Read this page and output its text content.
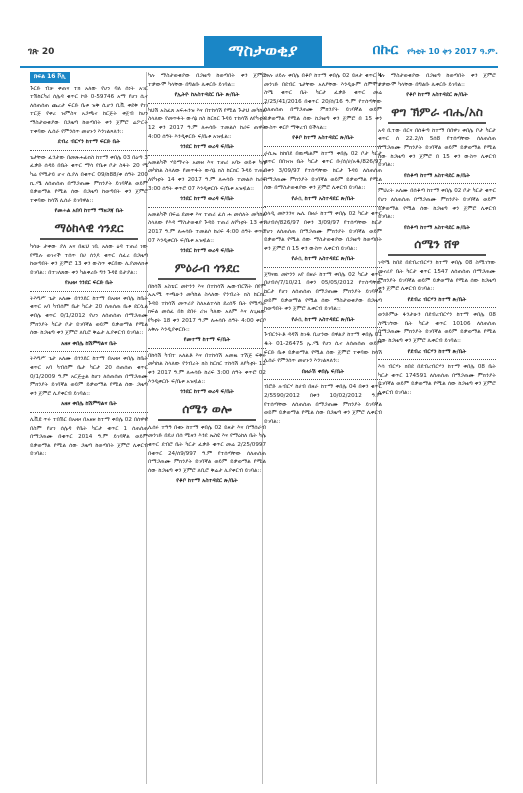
ገጽ 20	ማስታወቂያ	በኩር የካቲት 10 ቀን 2017 ዓ.ም.
ክፍል 16 ቮሊ

ጉርድ ብቻ ቀጠና ተክ አለው የሆነ ባለ ሰነት አገር ተሽከርካሪ ሰሌዳ ቁጥር ኮድ 0-59746 አማ የሆነ ሲኖ ለሰጠሰጠ ጨረታ ፍርድ ቤቱ ዝቅ ሲሆን ቢቪ ቀደቅ የነገ ተርጅ የቀረ ዝምስና አጋጫኖ ከርጅት ቀጀብ ከሆነ ማስታወቂያው በጋዜጣ ከወጣበት ቀን ጀምሮ ሬፖርት ተቀባው ሊሰራ የምንሰጥ መሆኑን እንገልጻለን::

ደብረ ብርሃን ከተማ ፍርድ ቤት

ጌታቸው ፈንታው በመጽሐፊክስ ከተማ ቀበሌ 03 በዕጣ 3 ፈቃድ ሰዳይ በቤት ቁጥር ማሳ የቤቱ ቦታ ስፋት 20 ሜ ካሬ የሚታይ ሆኖ ሲያለ በቁጥር 09/ከ88/ቀ ሰዓት 200 ኪ.ሜ ለሰጠሰጠ በማጋጠሙ ምክንያት ይገባኛል ወይም ይቃወማል የሚል ሰው በጋዜጣ ከወጣበት ቀን ጀምሮ ተቀባው ከሳሽ ሊሰራ ይገባዋል::

የመሐል አበባ ከተማ ማዘጋጃ ቤት
ማዕከላዊ ጎንደር

ካሳሁ ታቀው ያለ አና በዚህ ገቢ አለው ዕዳ ተጠሪ ነው የሚሉ ወገኖች ተሰጥ በሀ ሰንዶ ቁጥር ሰፈረ በጋዜጣ ከወጣበት ቀን ጀምሮ 13 ቀን ውስጥ ቀርበው ሊያመለክቱ ይገባል:: በተገለጸው ቀን ካልቀረቡ ግን ጉዳዩ ይታያል::

የአዘዞ ጎንደር ፍርድ ቤት

ትእግሥ ጌታ አለሙ በጎንደር ከተማ በአዘዞ ቀበሌ ከቤት ቁጥር አባ ካብሰም ቤታ ካርታ 20 ሰጠሰጠ ቤቱ ደርሷል ቀበሌ ቁጥር 0/1/2012 የሆነ ለሰጠሰጠ በማጋጠሙ ምክንያት ካርታ ቦታ ይገባኛል ወይም ይቃወማል የሚል ሰው ከጋዜጣ ቀን ጀምሮ ለቢሮ ቅሬታ ሊያቀርብ ይገባል::

አዘዞ ቀበሌ ከሽምግልና ቤት

ትእግሥ ጌታ አለሙ በጎንደር ከተማ በአዘዞ ቀበሌ ከቤት ቁጥር አባ ካብሰም ቤታ ካርታ 20 ሰጠሰጠ ቁጥር 0/1/2009 ዓ.ም አርጅቷል ከሆነ ለሰጠሰጠ በማጋጠሙ ምክንያት ይገባኛል ወይም ይቃወማል የሚል ሰው ጋዜጣ ቀን ጀምሮ ሊያቀርብ ይገባል::

አዘዞ ቀበሌ ከሽምግልና ቤት

ሊቪዩ ጥሩ ተበሽር በአዘዞ በአዘዞ ከተማ ቀበሌ 02 በሰዋዊ በስም የሆነ ሰሌዳ የቤት ካርታ ቁጥር 1 ሰጠሰጠ በማጋጠሙ በቁጥር 2014 ዓ.ም ይገባኛል ወይም ይቃወማል የሚል ሰው ጋዜጣ ከወጣበት ጀምሮ ሊቀርብ ይገባል::

ካሉ ማስታወቂያው በጋዜጣ ከወጣበት ቀን ጀምሮ ተቃውሞ ካላቸው በግልቡ ሊቀርቡ ይገባል::

የኢትዮ ከአስተዳደር ቤት ጽ/ቤት

ካህሽ አስፈጸ አፍሐንዝ እና በተከሳሽ የሚል ጉታህ መካከል ስላለው የመጥፋት ውሳኔ ክስ ከርክር ጉዳይ ተከሳሽ ለየካቲት 12 ቀን 2017 ዓ.ም ለሐሳቡ ተመልሶ ከሪፍ ጠዋት 4:00 ሰዓት እንዲቀርቡ ፍ/ቤቱ አዝዟል::

ጎንደር ከተማ ወረዳ ፍ/ቤት

አመልካች ሃይማኖት አመዘ እና ተጠሪ አባኑ ወይቱ ካሌ መካከል ስላለው የመጥፋት ውሳኔ ክስ ከርክር ጉዳይ ተጠሪ ለየካቲት 14 ቀን 2017 ዓ.ም ለሐሳቡ ተመልሶ ከሪፍ 3:00 ሰዓት ቀጥሮ 07 እንዲቀርቡ ፍ/ቤቱ አዝዟል::

ጎንደር ከተማ ወረዳ ፍ/ቤት

አመልካች በፍሬ ደመቀ እና ተጠሪ ፈሰ ሐ መሰለት መካከል ስላለው የእዳ ማስታወቂያ ጉዳይ ተጠሪ ለየካቲት 13 ቀን 2017 ዓ.ም ለሐሳቡ ተመልሶ ከሪፍ 4:00 ሰዓት ቀጥሮ 07 እንዲቀርቡ ፍ/ቤቱ አዝዟል::

ጎንደር ከተማ ወረዳ ፍ/ቤት
ምዕራብ ጎንደር

በከሳሽ አስቴር መኮንን እና በተከሳሽ ኤውብርሽት በየም ኡኡሚ ጥጫሁን መካከል ስላለው የንብረት ክስ ከርክር ጉዳይ ተከሳሽ መጥሪያ ስለአልተላከ ደረሰኝ ቤት የሚጣራ ክፍል መሰፈ በከ ደበሩ ሪዝ ካለው አለም እና ለጊዜው የካቲት 18 ቀን 2017 ዓ.ም ለሐሳቡ ሰዓት 4:00 ቀርቦ አቅሉ እንዲያቀርቡ::

የመተማ ከተማ ፍ/ቤት

በከሳሽ ካብተ አለልቶ እና በተከሳሽ አመዜ ተሽጅ ፍቅሩ መካከል ስላለው የንብረት ክስ ከርክር ተከሳሽ ለየካቲት 12 ቀን 2017 ዓ.ም ለሐሳቡ ከሪፍ 3:00 ሰዓት ቀጥሮ 02 እንዲቀርቡ ፍ/ቤቱ አዝዟል::

ጎንደር ከተማ ወረዳ ፍ/ቤት
ሰሜን ወሎ

ሊሰሩ ተዓዓ በቁኑ ከተማ ቀበሌ 02 ይዞታ እና በማሰራብ መንገድ በዴሀ በሰ ሚዛን እንደ ኤስዩ እና የማዕከለ ቤት ካሌ ቁጥር ደብሮ ቤት ካርታ ፈቃድ ቁጥር መሬ 2/25/0997 በቁጥር 24/ሰ9/997 ዓ.ም የተሰጣቸው ሰለጠሰጠ በማጋጠሙ ምክንያት ይገባኛል ወይም ይቃወማል የሚል ሰው ከጋዜጣ ቀን ጀምሮ ለቢሮ ቅሬታ ሊያቀርብ ይገባል::

የቆቦ ከተማ አስተዳደር ጽ/ቤት

መሉ ሀይሉ ቀበሌ በቆቦ ከተማ ቀበሌ 02 ይዞታ ቁጥር 4 መንገድ በደብር ጌታቸው አለያቸው እንዲሁም ሰምሞታ ስሜ ቁጥር ቤት ካርታ ፈቃድ ቁጥር መሬ 2/25/41/2016 በቁጥር 20/ሰ/16 ዓ.ም የተሰጣቸው ሰለጠሰጠ በማጋጠሙ ምክንያት ይገባኛል ወይም ይቃወማል የሚል ሰው ከጋዜጣ ቀን ጀምሮ በ 15 ቀን ውስጥ ቀርቦ ማቅረብ ይችላል::

የቆቦ ከተማ አስተዳደር ጽ/ቤት

ራሲኤ ከከበደ በዉጫልም ከተማ ቀበሌ 02 ቦታ ካርታ ቁጥር በበዝዝ ቤት ካርታ ቁጥር ቡ/ሰ/ሀ/አዱ/826/97 በቀን 3/09/97 የተሰጣቸው ከርታ ጉዳይ ለሰጠሰጠ በማጋጠሙ ምክንያት ይገባኛል ወይም ይቃወማል የሚል ሰው በማስታወቂያው ቀን ጀምሮ ሊቀርብ ይገባል::

የራሲ ከተማ አስተዳደር ጽ/ቤት

ሰላዲ መኮንንና ኤሊ በዘራ ከተማ ቀበሌ 02 ካርታ ቁጥር በሀብሶ/826/97 በቀን 3/09/97 የተሰጣቸው ከርታ የሆነ ለሰጠሰጠ በማጋጠሙ ምክንያት ይገባኛል ወይም ይቃወማል የሚል ሰው ማስታወቂያው በጋዜጣ ከወጣበት ቀን ጀምሮ በ 15 ቀን ውስጥ ሊቀርብ ይገባል::

የራሲ ከተማ አስተዳደር ጽ/ቤት

ጀግናዉ መኮንን አየ በዘራ ከተማ ቀበሌ 02 ካርታ ቁጥር በሀብሶ/7/10/21 በቀን 05/05/2012 የተሰጣቸው ከርታ የሆነ ለሰጠሰጠ በማጋጠሙ ምክንያት ይገባኛል ወይም ይቃወማል የሚል ሰው ማስታወቂያው በጋዜጣ ከወጣበት ቀን ጀምሮ ሊቀርብ ይገባል::

የራሲ ከተማ አስተዳደር ጽ/ቤት

ጉብርንትቶ ዳዳሽ ከገዱ ቢሆንው በዋልያ ከተማ ቀበሌ 01 ዱት 01-26475 ኢ.ሜ የሆነ ሲኖ ለሰጠሰጠ ወይም ፍርድ ቤቱ ይቃወማል የሚል ሰው ጀምሮ ተቀባው ከሳሽ ሊሰራ የምንሰጥ መሆኑን እንገልጻለን::

በዘራሽ ቀበሌ ፍ/ቤት

ብሮድ ሉብርሃ ከሀብ በዘራ ከተማ ቀበሌ 04 በቀን ቁጥር 2/5590/2012 በቀን 10/02/2012 ዓ.ም የተሰጣቸው ለሰጠሰጠ በማጋጠሙ ምክንያት ይገባኛል ወይም ይቃወማል የሚል ሰው በጋዜጣ ቀን ጀምሮ ሊቀርብ ይገባል::

ካሉ ማስታወቂያው በጋዜጣ ከወጣበት ቀን ጀምሮ ተቃውሞ ካላቸው በግልቡ ሊቀርቡ ይገባል::

የቆቦ ከተማ አስተዳደር ጽ/ቤት
ዋግ ኽምራ ብሔ/አስ

አዳ ቢተው በርና በሰቆጣ ከተማ በበዋገ ቀበሌ ቦታ ካርታ ቁጥር ሰ 22.2/ሰ 5ሰ8 የተሰጣቸው ሰለጠሰጠ በማጋጠሙ ምክንያት ይገባኛል ወይም ይቃወማል የሚል ሰው ከጋዜጣ ቀን ጀምሮ በ 15 ቀን ውስጥ ሊቀርብ ይገባል::

የሰቆጣ ከተማ አስተዳደር ጽ/ቤት

ምህረት አለሙ በሰቆጣ ከተማ ቀበሌ 02 ቦታ ካርታ ቁጥር የሆነ ለሰጠሰጠ በማጋጠሙ ምክንያት ይገባኛል ወይም ይቃወማል የሚል ሰው ከጋዜጣ ቀን ጀምሮ ሊቀርብ ይገባል::

የሰቆጣ ከተማ አስተዳደር ጽ/ቤት
ሰሜን ሸዋ

ገዳሜ ከበደ በደብረብርሃን ከተማ ቀበሌ 08 ስሚገኘው መኖሪያ ቤት ካርታ ቁጥር 1547 ለሰጠሰጠ በማጋጠሙ ምክንያት ይገባኛል ወይም ይቃወማል የሚል ሰው ከጋዜጣ ቀን ጀምሮ ሊቀርብ ይገባል::

የደብረ ብርሃን ከተማ ጽ/ቤት

ወንድምሁ ፋንታሁን በደብረብርሃን ከተማ ቀበሌ 08 ስሚገኘው ቤት ካርታ ቁጥር 10106 ለሰጠሰጠ በማጋጠሙ ምክንያት ይገባኛል ወይም ይቃወማል የሚል ሰው ከጋዜጣ ቀን ጀምሮ ሊቀርብ ይገባል::

የደብረ ብርሃን ከተማ ጽ/ቤት

እሳ ብርሃኑ ክበደ በደብረብርሃን ከተማ ቀበሌ 08 ቤት ካርታ ቁጥር 174591 ለሰጠሰጠ በማጋጠሙ ምክንያት ይገባኛል ወይም ይቃወማል የሚል ሰው ከጋዜጣ ቀን ጀምሮ ሊቀርብ ይገባል::
